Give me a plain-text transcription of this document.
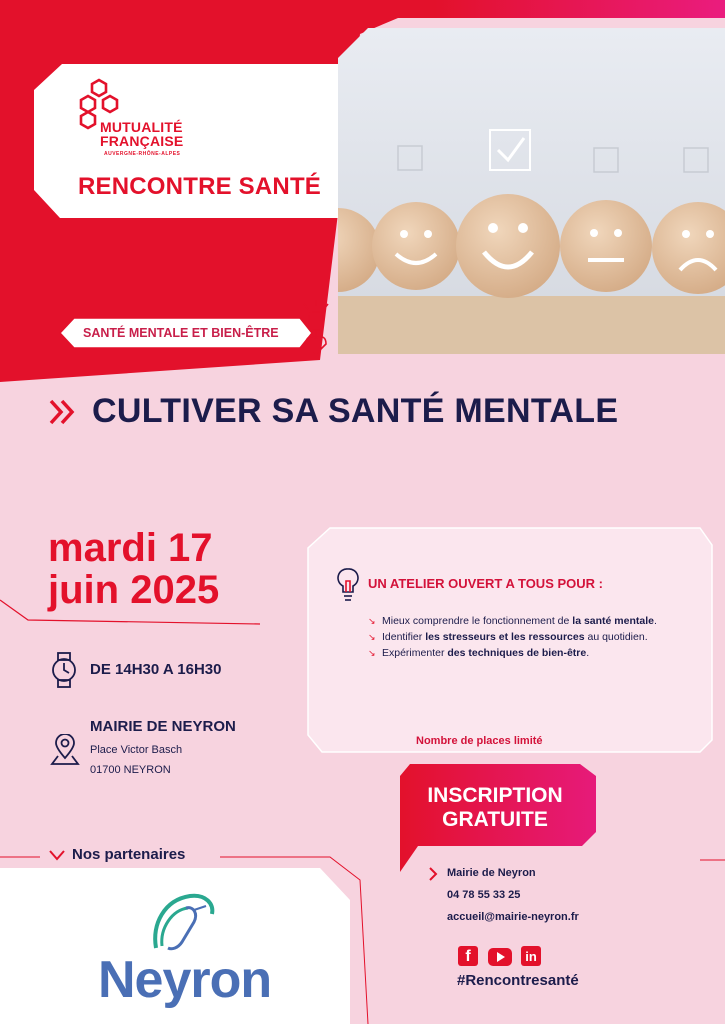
MUTUALITÉ
FRANÇAISE
AUVERGNE-RHÔNE-ALPES
RENCONTRE SANTÉ
SANTÉ MENTALE ET BIEN-ÊTRE
CULTIVER SA SANTÉ MENTALE
mardi 17
juin 2025
DE 14H30 A 16H30
MAIRIE DE NEYRON
Place Victor Basch
01700 NEYRON
UN ATELIER OUVERT A TOUS POUR :
↘ Mieux comprendre le fonctionnement de la santé mentale.
↘ Identifier les stresseurs et les ressources au quotidien.
↘ Expérimenter des techniques de bien-être.
Nombre de places limité
INSCRIPTION
GRATUITE
Mairie de Neyron
04 78 55 33 25
accueil@mairie-neyron.fr
f	in
#Rencontresanté
Nos partenaires
Neyron
